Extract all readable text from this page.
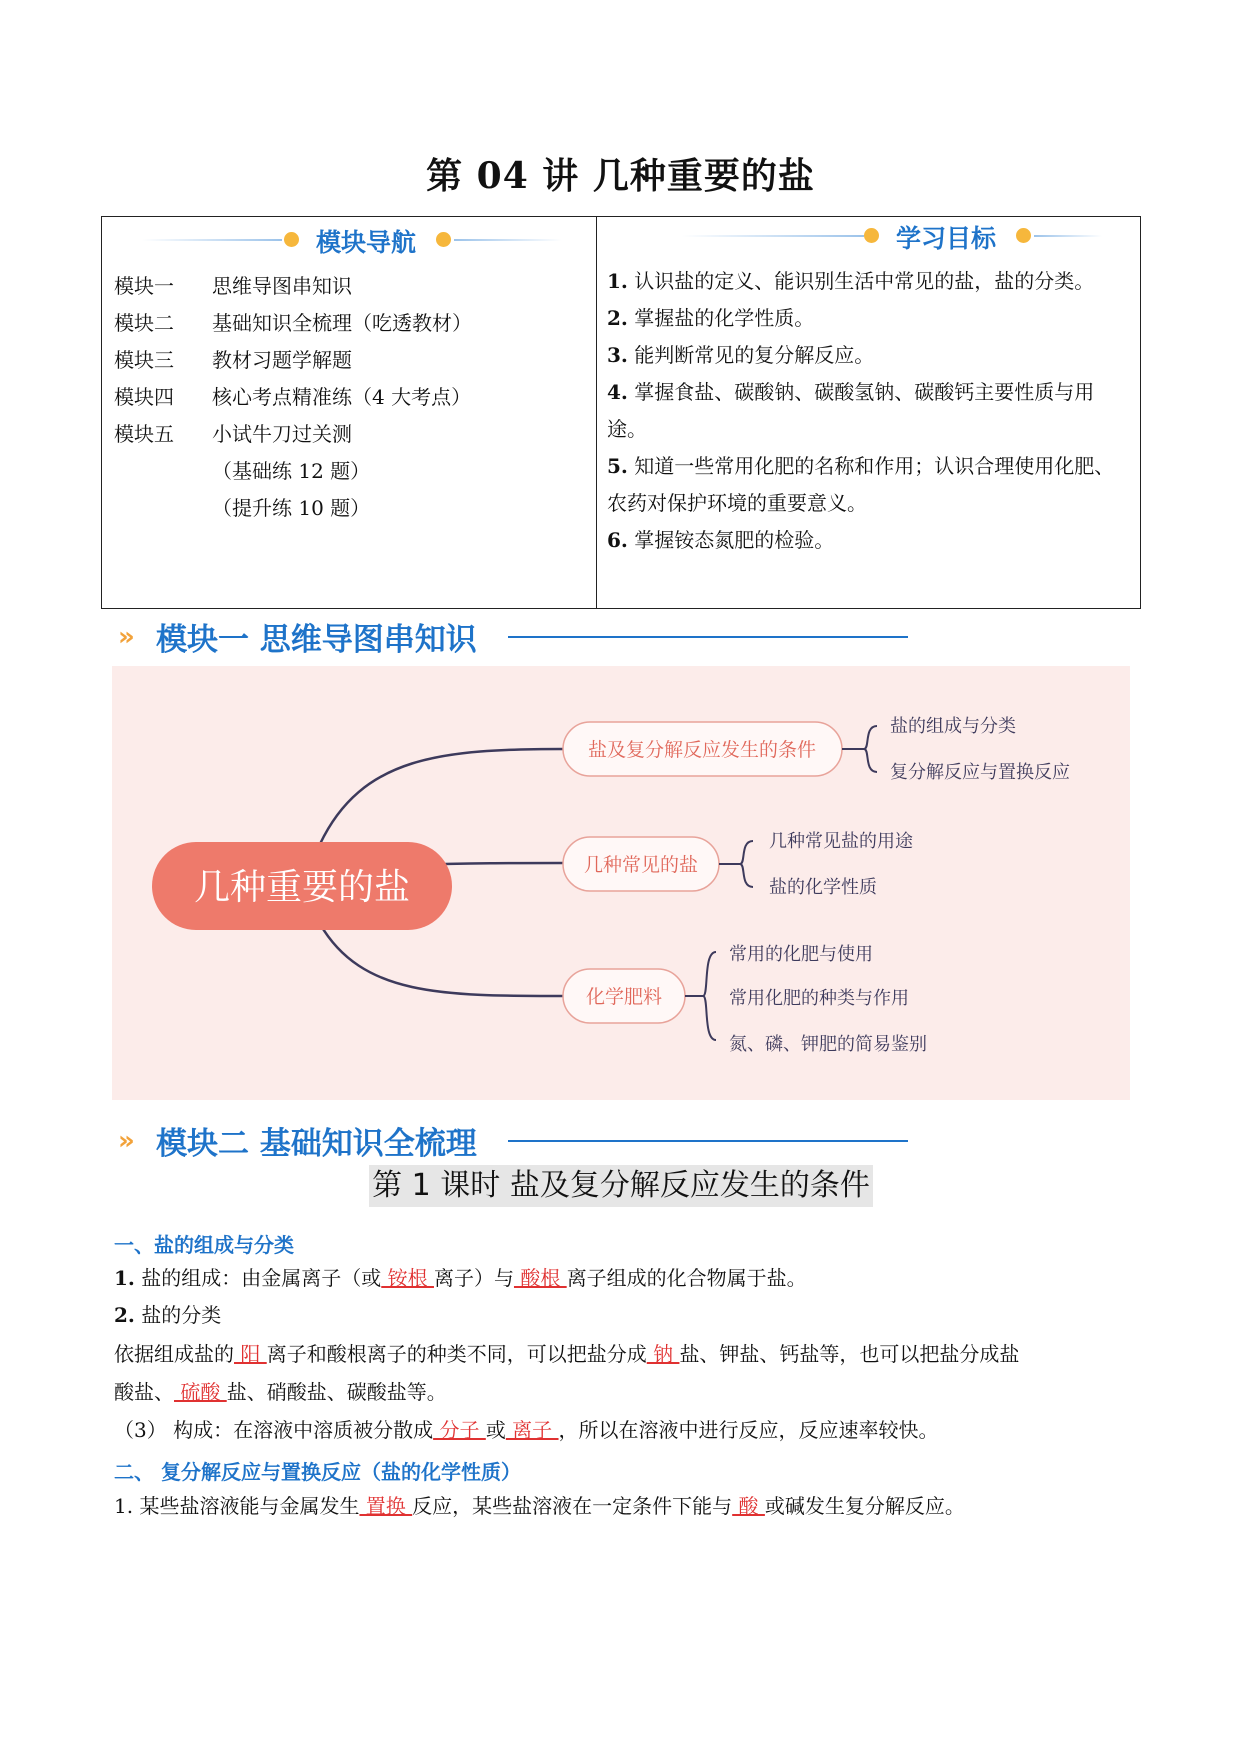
第 04 讲 几种重要的盐
模块导航
模块一 思维导图串知识
模块二 基础知识全梳理（吃透教材）
模块三 教材习题学解题
模块四 核心考点精准练（4 大考点）
模块五 小试牛刀过关测
（基础练 12 题）
（提升练 10 题）
学习目标

1. 认识盐的定义、能识别生活中常见的盐，盐的分类。

2. 掌握盐的化学性质。

3. 能判断常见的复分解反应。

4. 掌握食盐、碳酸钠、碳酸氢钠、碳酸钙主要性质与用途。

5. 知道一些常用化肥的名称和作用；认识合理使用化肥、农药对保护环境的重要意义。

6. 掌握铵态氮肥的检验。

» 模块一 思维导图串知识
几种重要的盐
盐及复分解反应发生的条件
盐的组成与分类
复分解反应与置换反应
几种常见的盐
几种常见盐的用途
盐的化学性质
化学肥料
常用的化肥与使用
常用化肥的种类与作用
氮、磷、钾肥的简易鉴别
» 模块二 基础知识全梳理
第 1 课时 盐及复分解反应发生的条件
一、盐的组成与分类
1. 盐的组成：由金属离子（或 铵根 离子）与 酸根 离子组成的化合物属于盐。
2. 盐的分类
依据组成盐的 阳 离子和酸根离子的种类不同，可以把盐分成 钠 盐、钾盐、钙盐等，也可以把盐分成盐
酸盐、 硫酸 盐、硝酸盐、碳酸盐等。
（3） 构成：在溶液中溶质被分散成 分子 或 离子 ，所以在溶液中进行反应，反应速率较快。
二、 复分解反应与置换反应（盐的化学性质）
1. 某些盐溶液能与金属发生 置换 反应，某些盐溶液在一定条件下能与 酸 或碱发生复分解反应。
